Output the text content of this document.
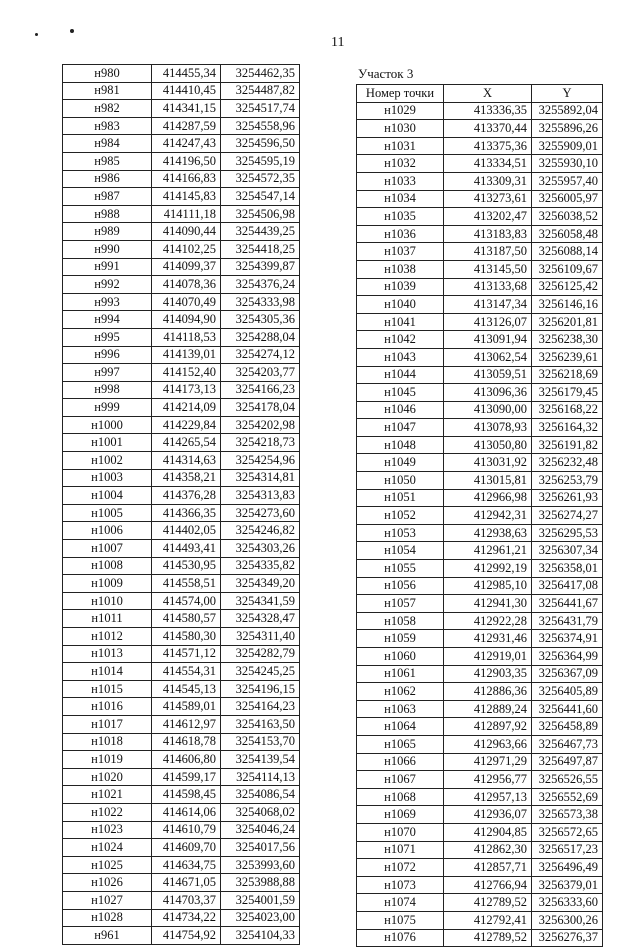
11
н980	414455,34	3254462,35
н981	414410,45	3254487,82
н982	414341,15	3254517,74
н983	414287,59	3254558,96
н984	414247,43	3254596,50
н985	414196,50	3254595,19
н986	414166,83	3254572,35
н987	414145,83	3254547,14
н988	414111,18	3254506,98
н989	414090,44	3254439,25
н990	414102,25	3254418,25
н991	414099,37	3254399,87
н992	414078,36	3254376,24
н993	414070,49	3254333,98
н994	414094,90	3254305,36
н995	414118,53	3254288,04
н996	414139,01	3254274,12
н997	414152,40	3254203,77
н998	414173,13	3254166,23
н999	414214,09	3254178,04
н1000	414229,84	3254202,98
н1001	414265,54	3254218,73
н1002	414314,63	3254254,96
н1003	414358,21	3254314,81
н1004	414376,28	3254313,83
н1005	414366,35	3254273,60
н1006	414402,05	3254246,82
н1007	414493,41	3254303,26
н1008	414530,95	3254335,82
н1009	414558,51	3254349,20
н1010	414574,00	3254341,59
н1011	414580,57	3254328,47
н1012	414580,30	3254311,40
н1013	414571,12	3254282,79
н1014	414554,31	3254245,25
н1015	414545,13	3254196,15
н1016	414589,01	3254164,23
н1017	414612,97	3254163,50
н1018	414618,78	3254153,70
н1019	414606,80	3254139,54
н1020	414599,17	3254114,13
н1021	414598,45	3254086,54
н1022	414614,06	3254068,02
н1023	414610,79	3254046,24
н1024	414609,70	3254017,56
н1025	414634,75	3253993,60
н1026	414671,05	3253988,88
н1027	414703,37	3254001,59
н1028	414734,22	3254023,00
н961	414754,92	3254104,33
Участок 3
Номер точки	X	Y
н1029	413336,35	3255892,04
н1030	413370,44	3255896,26
н1031	413375,36	3255909,01
н1032	413334,51	3255930,10
н1033	413309,31	3255957,40
н1034	413273,61	3256005,97
н1035	413202,47	3256038,52
н1036	413183,83	3256058,48
н1037	413187,50	3256088,14
н1038	413145,50	3256109,67
н1039	413133,68	3256125,42
н1040	413147,34	3256146,16
н1041	413126,07	3256201,81
н1042	413091,94	3256238,30
н1043	413062,54	3256239,61
н1044	413059,51	3256218,69
н1045	413096,36	3256179,45
н1046	413090,00	3256168,22
н1047	413078,93	3256164,32
н1048	413050,80	3256191,82
н1049	413031,92	3256232,48
н1050	413015,81	3256253,79
н1051	412966,98	3256261,93
н1052	412942,31	3256274,27
н1053	412938,63	3256295,53
н1054	412961,21	3256307,34
н1055	412992,19	3256358,01
н1056	412985,10	3256417,08
н1057	412941,30	3256441,67
н1058	412922,28	3256431,79
н1059	412931,46	3256374,91
н1060	412919,01	3256364,99
н1061	412903,35	3256367,09
н1062	412886,36	3256405,89
н1063	412889,24	3256441,60
н1064	412897,92	3256458,89
н1065	412963,66	3256467,73
н1066	412971,29	3256497,87
н1067	412956,77	3256526,55
н1068	412957,13	3256552,69
н1069	412936,07	3256573,38
н1070	412904,85	3256572,65
н1071	412862,30	3256517,23
н1072	412857,71	3256496,49
н1073	412766,94	3256379,01
н1074	412789,52	3256333,60
н1075	412792,41	3256300,26
н1076	412789,52	3256276,37
